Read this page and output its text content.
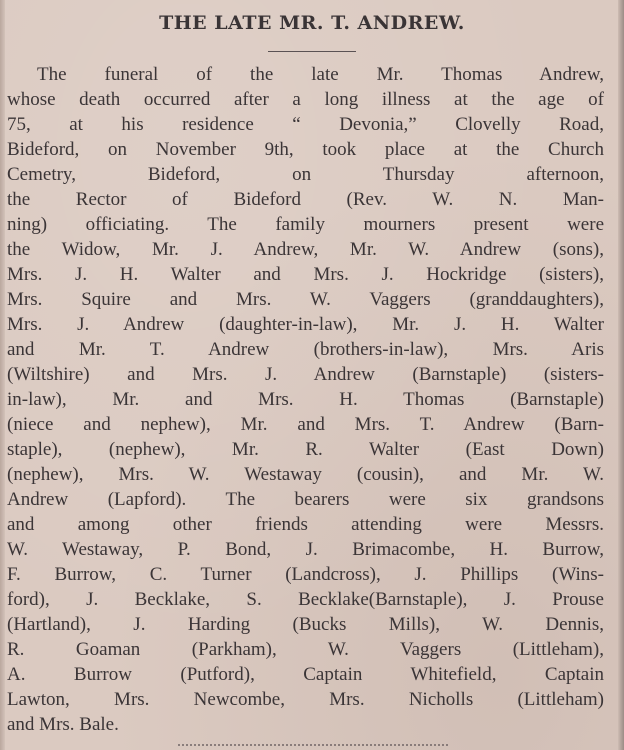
THE LATE MR. T. ANDREW.
The funeral of the late Mr. Thomas Andrew,
whose death occurred after a long illness at the age of
75, at his residence “ Devonia,” Clovelly Road,
Bideford, on November 9th, took place at the Church
Cemetry, Bideford, on Thursday afternoon,
the Rector of Bideford (Rev. W. N. Man-
ning) officiating. The family mourners present were
the Widow, Mr. J. Andrew, Mr. W. Andrew (sons),
Mrs. J. H. Walter and Mrs. J. Hockridge (sisters),
Mrs. Squire and Mrs. W. Vaggers (granddaughters),
Mrs. J. Andrew (daughter-in-law), Mr. J. H. Walter
and Mr. T. Andrew (brothers-in-law), Mrs. Aris
(Wiltshire) and Mrs. J. Andrew (Barnstaple) (sisters-
in-law), Mr. and Mrs. H. Thomas (Barnstaple)
(niece and nephew), Mr. and Mrs. T. Andrew (Barn-
staple), (nephew), Mr. R. Walter (East Down)
(nephew), Mrs. W. Westaway (cousin), and Mr. W.
Andrew (Lapford). The bearers were six grandsons
and among other friends attending were Messrs.
W. Westaway, P. Bond, J. Brimacombe, H. Burrow,
F. Burrow, C. Turner (Landcross), J. Phillips (Wins-
ford), J. Becklake, S. Becklake(Barnstaple), J. Prouse
(Hartland), J. Harding (Bucks Mills), W. Dennis,
R. Goaman (Parkham), W. Vaggers (Littleham),
A. Burrow (Putford), Captain Whitefield, Captain
Lawton, Mrs. Newcombe, Mrs. Nicholls (Littleham)
and Mrs. Bale.
